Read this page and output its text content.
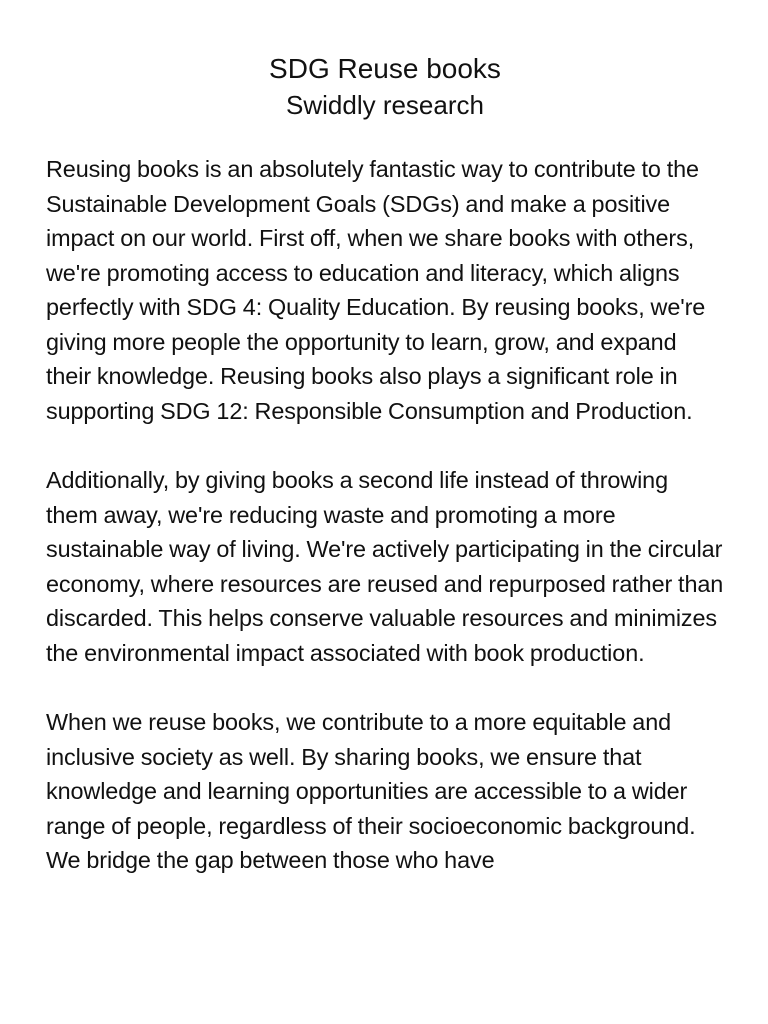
SDG Reuse books
Swiddly research

Reusing books is an absolutely fantastic way to contribute to the Sustainable Development Goals (SDGs) and make a positive impact on our world. First off, when we share books with others, we're promoting access to education and literacy, which aligns perfectly with SDG 4: Quality Education. By reusing books, we're giving more people the opportunity to learn, grow, and expand their knowledge. Reusing books also plays a significant role in supporting SDG 12: Responsible Consumption and Production.

Additionally, by giving books a second life instead of throwing them away, we're reducing waste and promoting a more sustainable way of living. We're actively participating in the circular economy, where resources are reused and repurposed rather than discarded. This helps conserve valuable resources and minimizes the environmental impact associated with book production.

When we reuse books, we contribute to a more equitable and inclusive society as well. By sharing books, we ensure that knowledge and learning opportunities are accessible to a wider range of people, regardless of their socioeconomic background. We bridge the gap between those who have
